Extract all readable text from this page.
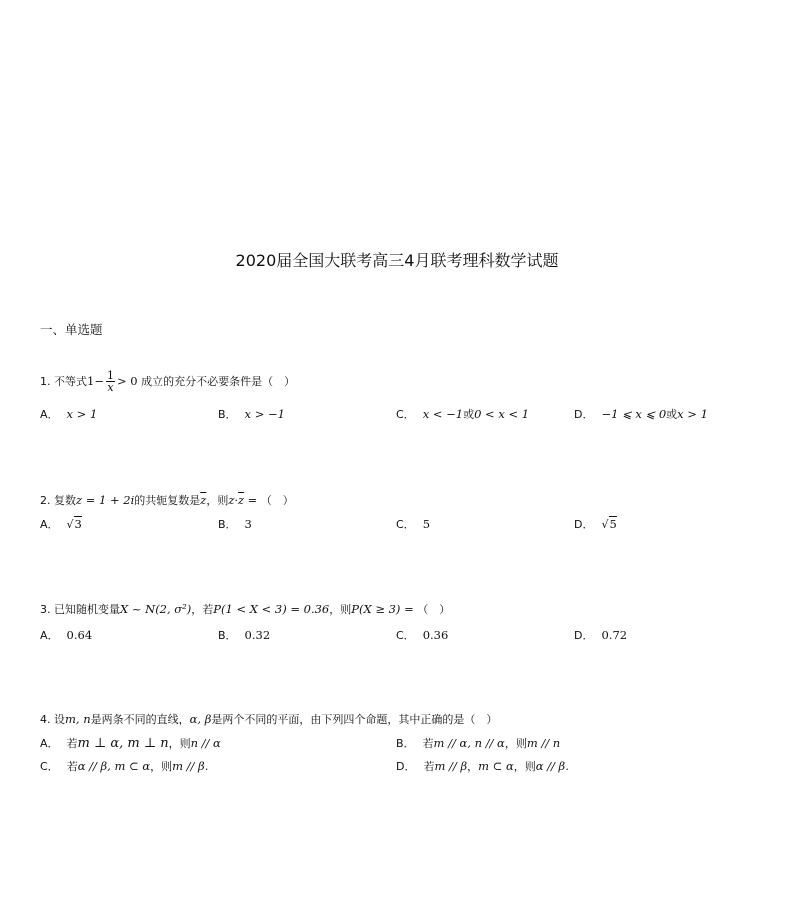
2020届全国大联考高三4月联考理科数学试题
一、单选题
1. 不等式$1- \frac{1}{x} > 0$ 成立的充分不必要条件是（　）
A． x > 1	B． x > −1	C． x < −1或0 < x < 1	D． −1 ⩽ x ⩽ 0或x > 1
2. 复数z = 1 + 2i的共轭复数是$\overline{z}$，则$z\cdot\overline{z}$ = （　）
A． √3	B． 3	C． 5	D． √5
3. 已知随机变量X ~ N(2, σ²)，若P(1 < X < 3) = 0.36，则P(X ≥ 3) = （　）
A． 0.64	B． 0.32	C． 0.36	D． 0.72
4. 设m, n是两条不同的直线，α, β是两个不同的平面，由下列四个命题，其中正确的是（　）
A． 若m ⊥ α, m ⊥ n，则n // α	B． 若m // α, n // α，则m // n
C． 若α // β, m ⊂ α，则m // β.	D． 若m // β，m ⊂ α，则α // β.
